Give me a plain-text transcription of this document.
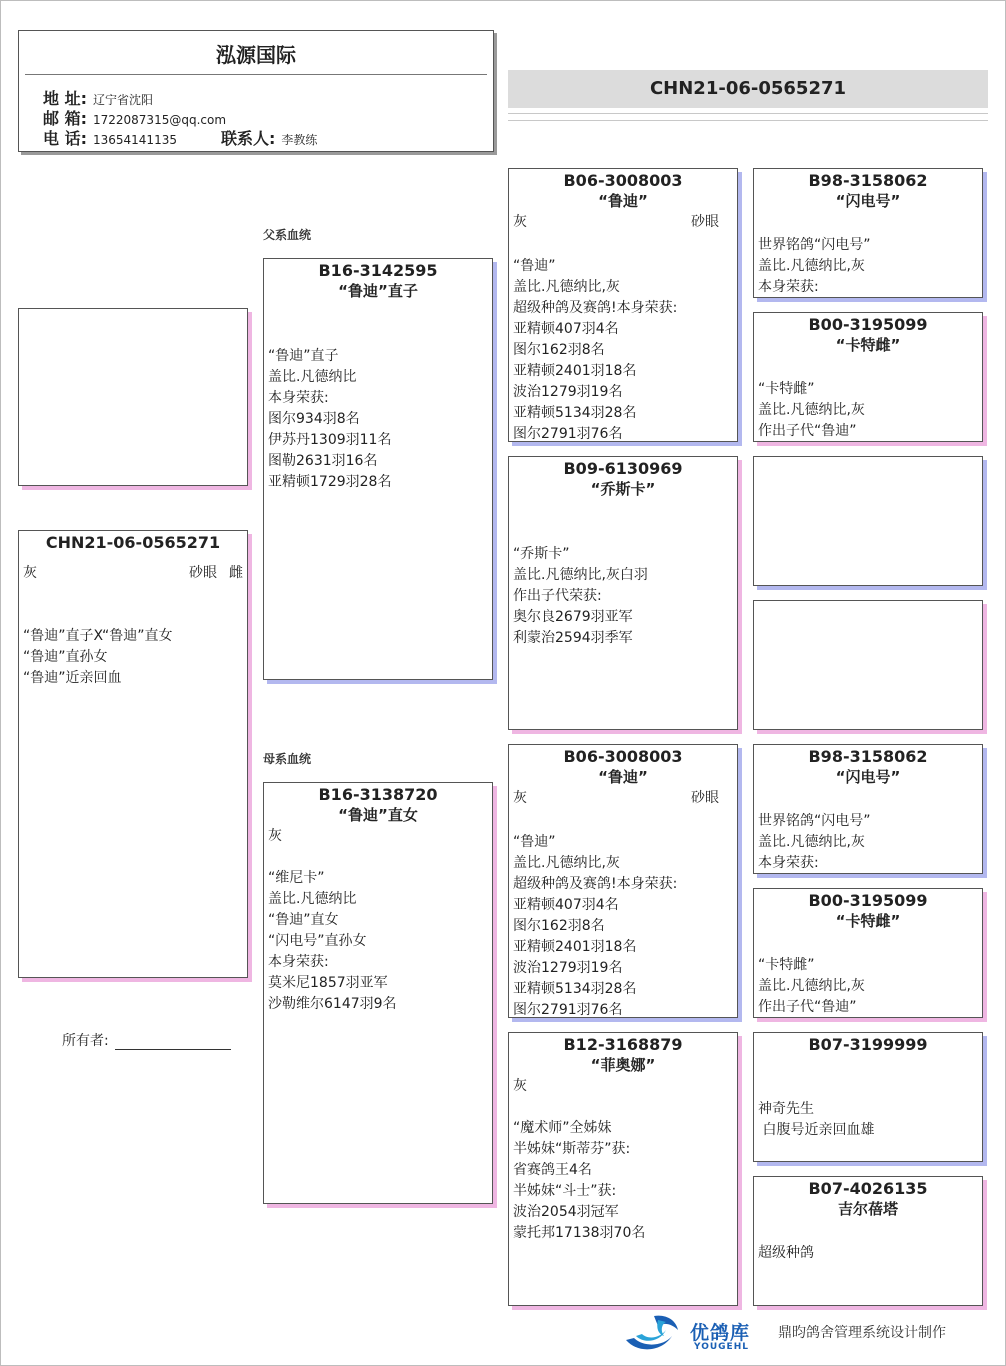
泓源国际
地 址: 辽宁省沈阳
邮 箱: 1722087315@qq.com
电 话: 13654141135	联系人: 李教练
CHN21-06-0565271
父系血统
母系血统
CHN21-06-0565271
灰	砂眼 雌
“鲁迪”直子X“鲁迪”直女
“鲁迪”直孙女
“鲁迪”近亲回血
B16-3142595
“鲁迪”直子
“鲁迪”直子
盖比.凡德纳比
本身荣获:
图尔934羽8名
伊苏丹1309羽11名
图勒2631羽16名
亚精顿1729羽28名
B16-3138720
“鲁迪”直女
灰
“维尼卡”
盖比.凡德纳比
“鲁迪”直女
“闪电号”直孙女
本身荣获:
莫米尼1857羽亚军
沙勒维尔6147羽9名
B06-3008003
“鲁迪”
灰	砂眼
“鲁迪”
盖比.凡德纳比,灰
超级种鸽及赛鸽!本身荣获:
亚精顿407羽4名
图尔162羽8名
亚精顿2401羽18名
波治1279羽19名
亚精顿5134羽28名
图尔2791羽76名
B09-6130969
“乔斯卡”
“乔斯卡”
盖比.凡德纳比,灰白羽
作出子代荣获:
奥尔良2679羽亚军
利蒙治2594羽季军
B06-3008003
“鲁迪”
灰	砂眼
“鲁迪”
盖比.凡德纳比,灰
超级种鸽及赛鸽!本身荣获:
亚精顿407羽4名
图尔162羽8名
亚精顿2401羽18名
波治1279羽19名
亚精顿5134羽28名
图尔2791羽76名
B12-3168879
“菲奥娜”
灰
“魔术师”全姊妹
半姊妹“斯蒂芬”获:
省赛鸽王4名
半姊妹“斗士”获:
波治2054羽冠军
蒙托邦17138羽70名
B98-3158062
“闪电号”
世界铭鸽“闪电号”
盖比.凡德纳比,灰
本身荣获:
B00-3195099
“卡特雌”
“卡特雌”
盖比.凡德纳比,灰
作出子代“鲁迪”
B98-3158062
“闪电号”
世界铭鸽“闪电号”
盖比.凡德纳比,灰
本身荣获:
B00-3195099
“卡特雌”
“卡特雌”
盖比.凡德纳比,灰
作出子代“鲁迪”
B07-3199999
神奇先生
白腹号近亲回血雄
B07-4026135
吉尔蓓塔
超级种鸽
所有者:
优鸽库
YOUGEHL
鼎昀鸽舍管理系统设计制作
